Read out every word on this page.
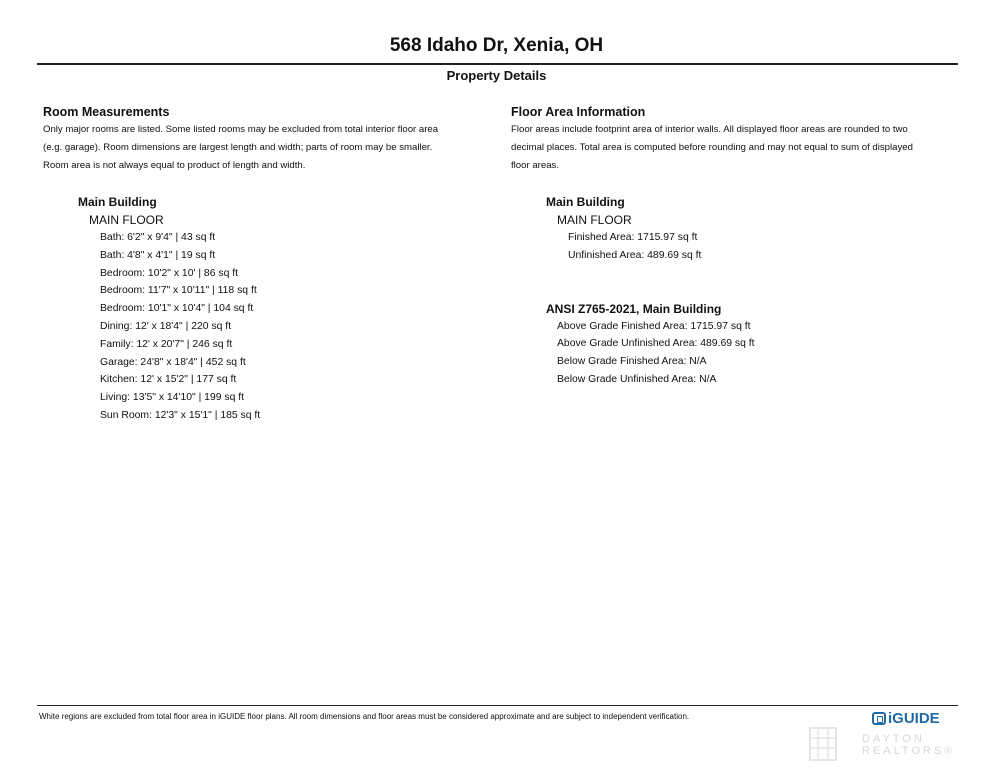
568 Idaho Dr, Xenia, OH
Property Details
Room Measurements
Only major rooms are listed. Some listed rooms may be excluded from total interior floor area
(e.g. garage). Room dimensions are largest length and width; parts of room may be smaller.
Room area is not always equal to product of length and width.
Main Building
MAIN FLOOR
Bath: 6'2" x 9'4" | 43 sq ft
Bath: 4'8" x 4'1" | 19 sq ft
Bedroom: 10'2" x 10' | 86 sq ft
Bedroom: 11'7" x 10'11" | 118 sq ft
Bedroom: 10'1" x 10'4" | 104 sq ft
Dining: 12' x 18'4" | 220 sq ft
Family: 12' x 20'7" | 246 sq ft
Garage: 24'8" x 18'4" | 452 sq ft
Kitchen: 12' x 15'2" | 177 sq ft
Living: 13'5" x 14'10" | 199 sq ft
Sun Room: 12'3" x 15'1" | 185 sq ft
Floor Area Information
Floor areas include footprint area of interior walls. All displayed floor areas are rounded to two
decimal places. Total area is computed before rounding and may not equal to sum of displayed
floor areas.
Main Building
MAIN FLOOR
Finished Area: 1715.97 sq ft
Unfinished Area: 489.69 sq ft
ANSI Z765-2021, Main Building
Above Grade Finished Area: 1715.97 sq ft
Above Grade Unfinished Area: 489.69 sq ft
Below Grade Finished Area: N/A
Below Grade Unfinished Area: N/A
White regions are excluded from total floor area in iGUIDE floor plans. All room dimensions and floor areas must be considered approximate and are subject to independent verification.	iGUIDE
DAYTON
REALTORS®
